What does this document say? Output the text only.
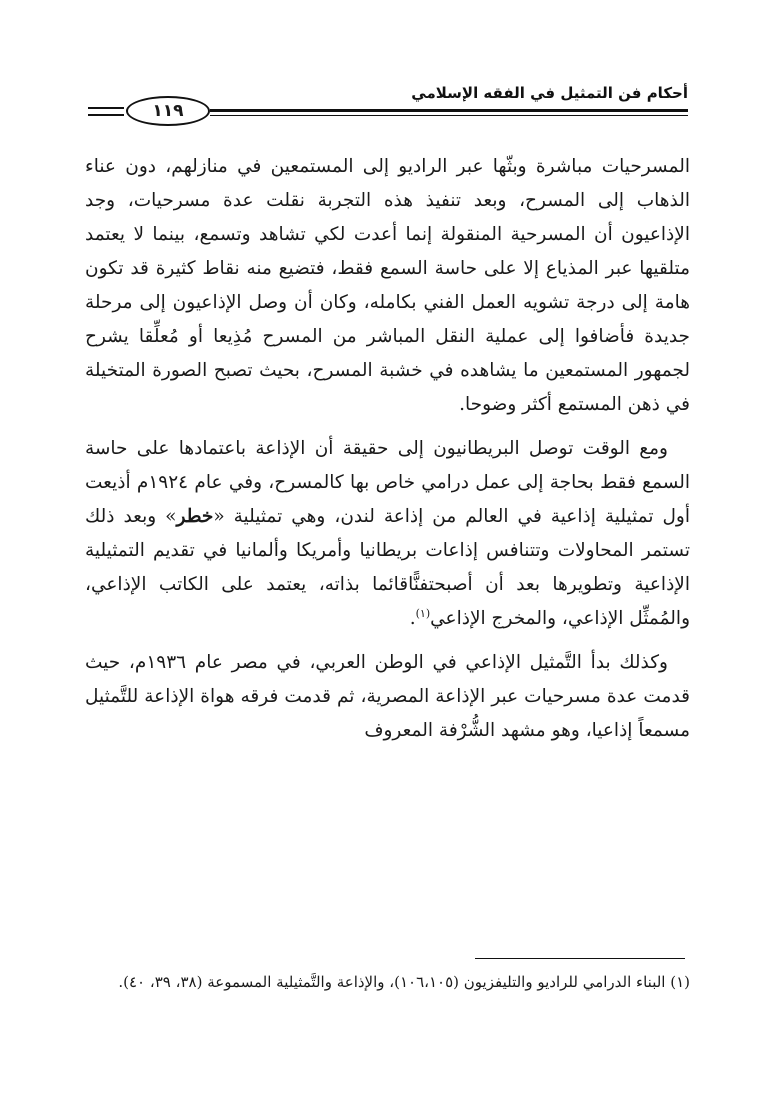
١١٩
أحكام فن التمثيل في الفقه الإسلامي

المسرحيات مباشرة وبثّها عبر الراديو إلى المستمعين في منازلهم، دون عناء الذهاب إلى المسرح، وبعد تنفيذ هذه التجربة نقلت عدة مسرحيات، وجد الإذاعيون أن المسرحية المنقولة إنما أعدت لكي تشاهد وتسمع، بينما لا يعتمد متلقيها عبر المذياع إلا على حاسة السمع فقط، فتضيع منه نقاط كثيرة قد تكون هامة إلى درجة تشويه العمل الفني بكامله، وكان أن وصل الإذاعيون إلى مرحلة جديدة فأضافوا إلى عملية النقل المباشر من المسرح مُذِيعا أو مُعلِّقا يشرح لجمهور المستمعين ما يشاهده في خشبة المسرح، بحيث تصبح الصورة المتخيلة في ذهن المستمع أكثر وضوحا.

ومع الوقت توصل البريطانيون إلى حقيقة أن الإذاعة باعتمادها على حاسة السمع فقط بحاجة إلى عمل درامي خاص بها كالمسرح، وفي عام ١٩٢٤م أذيعت أول تمثيلية إذاعية في العالم من إذاعة لندن، وهي تمثيلية «خطر» وبعد ذلك تستمر المحاولات وتتنافس إذاعات بريطانيا وأمريكا وألمانيا في تقديم التمثيلية الإذاعية وتطويرها بعد أن أصبحتفنًّاقائما بذاته، يعتمد على الكاتب الإذاعي، والمُمثِّل الإذاعي، والمخرج الإذاعي$^{(١)}$.

وكذلك بدأ التَّمثيل الإذاعي في الوطن العربي، في مصر عام ١٩٣٦م، حيث قدمت عدة مسرحيات عبر الإذاعة المصرية، ثم قدمت فرقه هواة الإذاعة للتَّمثيل مسمعاً إذاعيا، وهو مشهد الشُّرْفة المعروف

(١) البناء الدرامي للراديو والتليفزيون (١٠٦،١٠٥)، والإذاعة والتَّمثيلية المسموعة (٣٨، ٣٩، ٤٠).
